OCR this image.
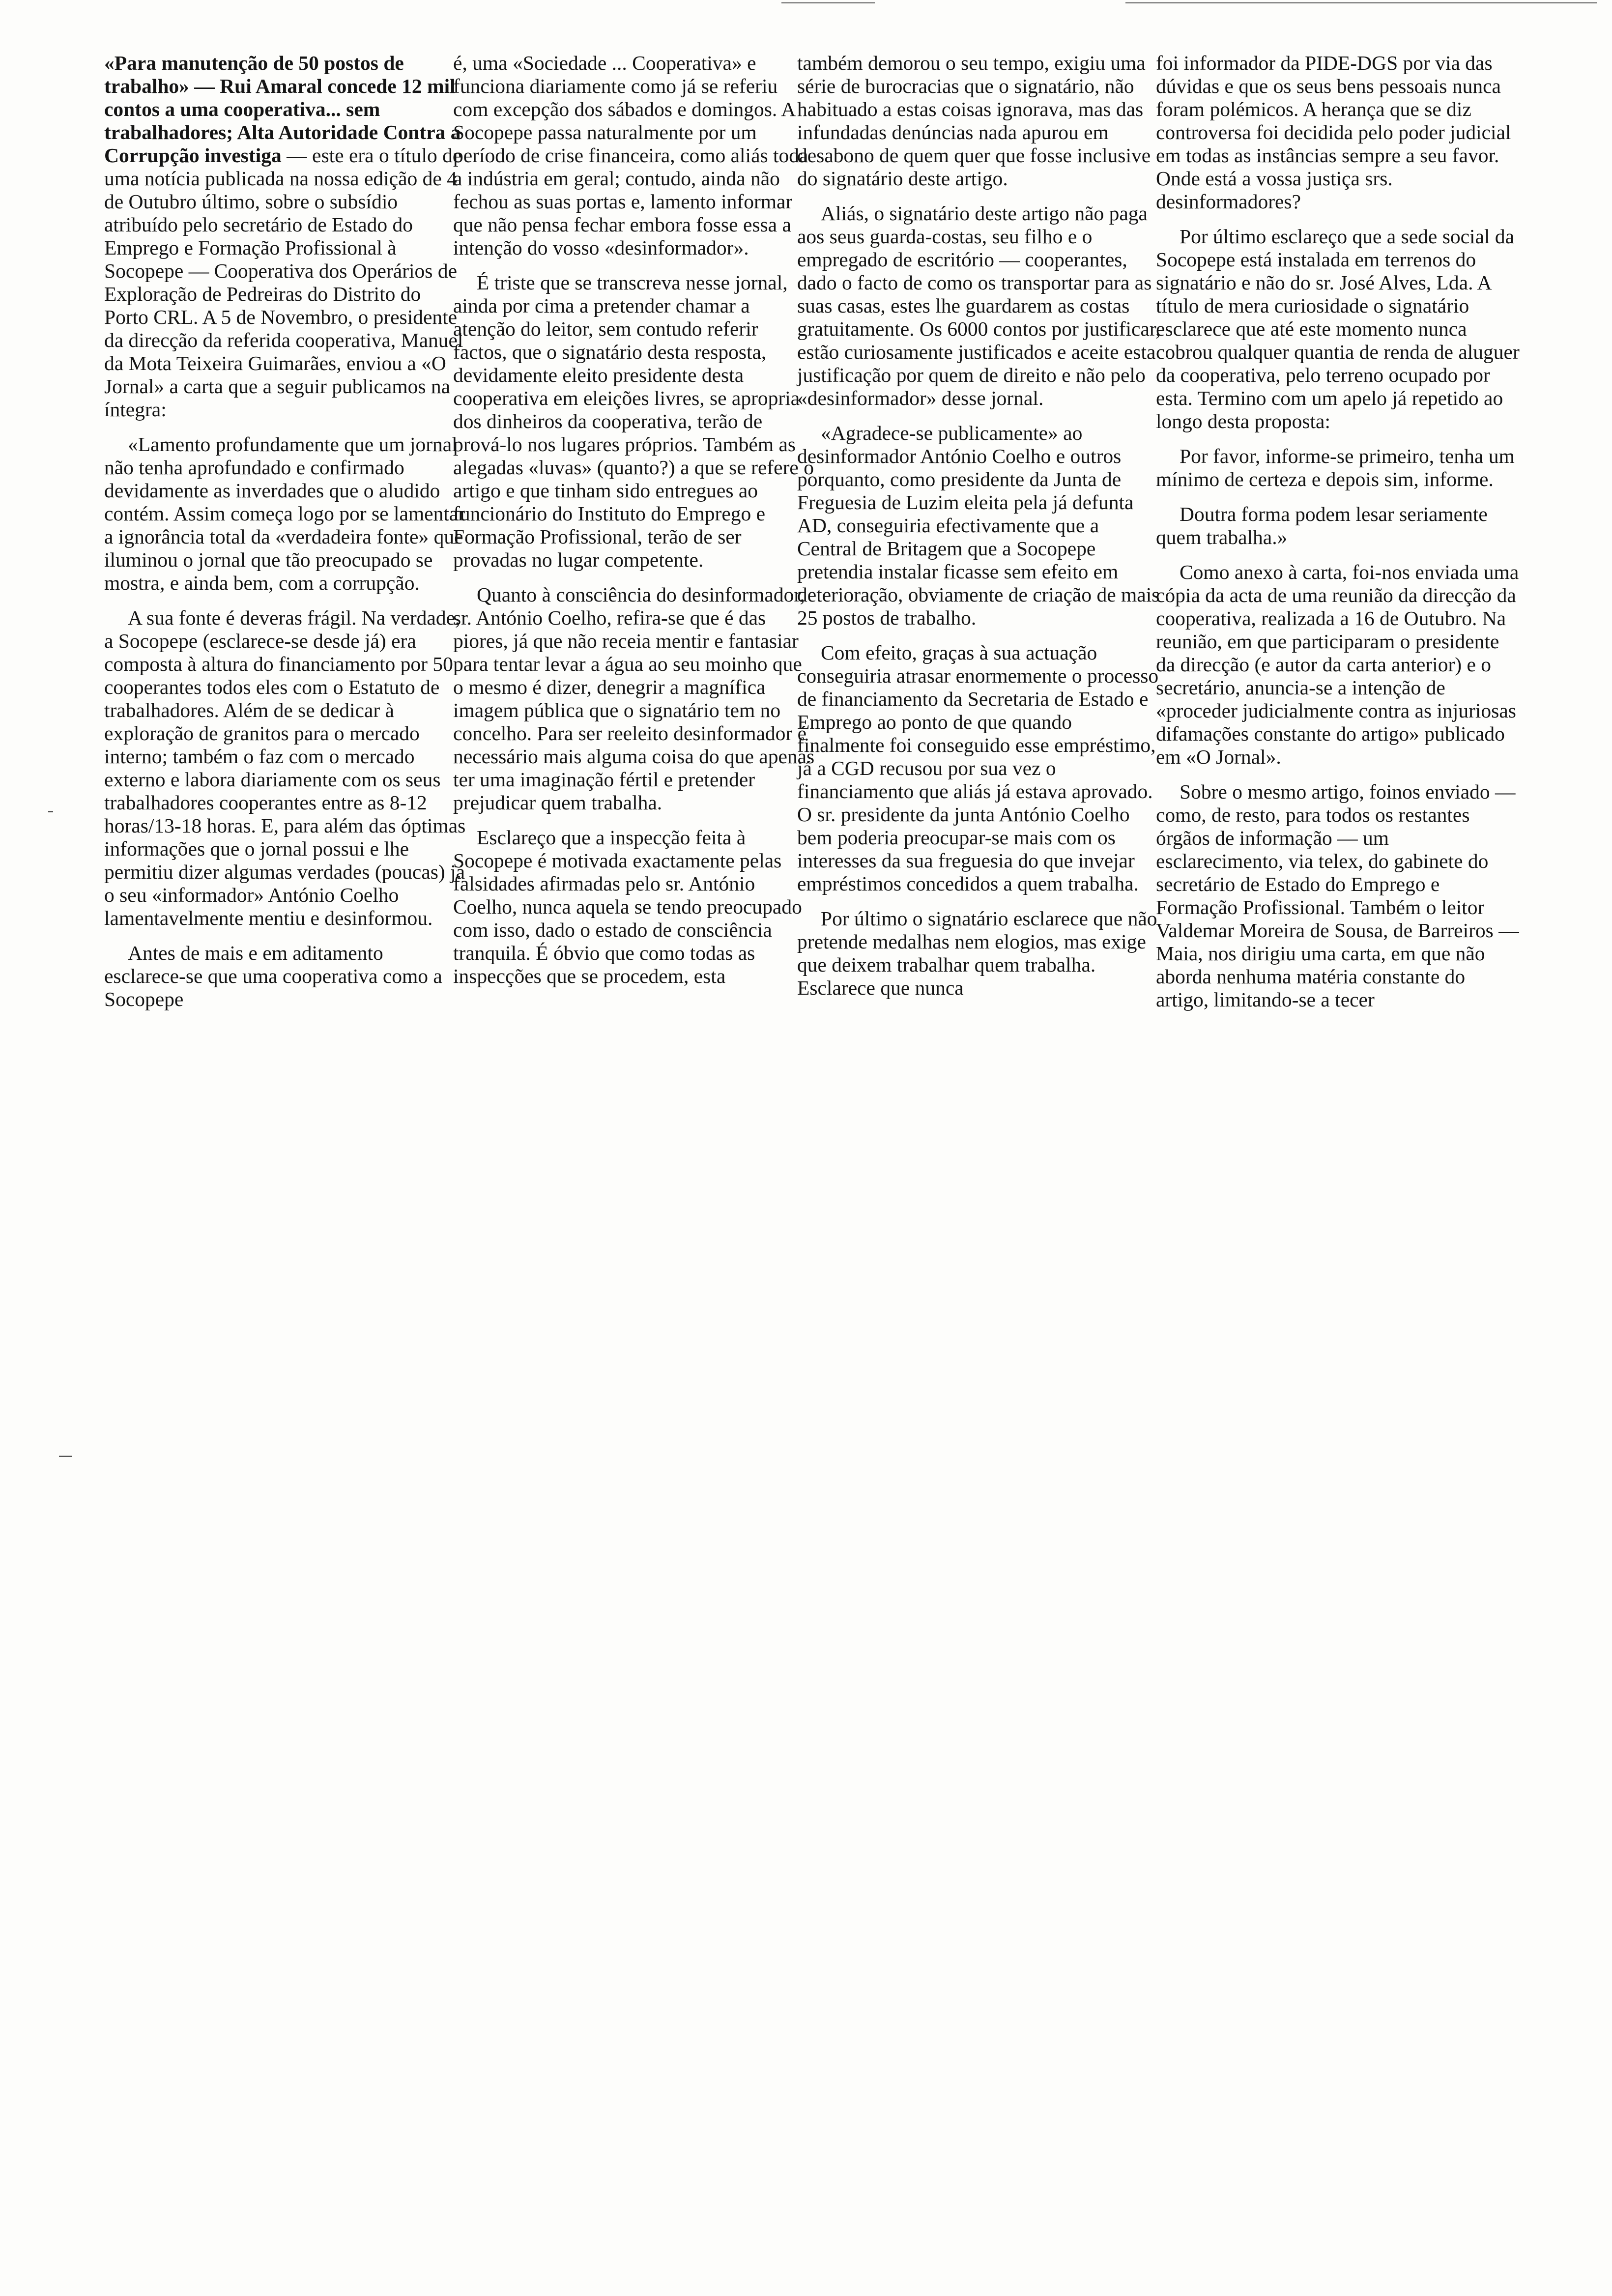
«Para manutenção de 50 postos de trabalho» — Rui Amaral concede 12 mil contos a uma cooperativa... sem trabalhadores; Alta Autoridade Contra a Corrupção investiga — este era o título de uma notícia publicada na nossa edição de 4 de Outubro último, sobre o subsídio atribuído pelo secretário de Estado do Emprego e Formação Profissional à Socopepe — Cooperativa dos Operários de Exploração de Pedreiras do Distrito do Porto CRL. A 5 de Novembro, o presidente da direcção da referida cooperativa, Manuel da Mota Teixeira Guimarães, enviou a «O Jornal» a carta que a seguir publicamos na íntegra:

«Lamento profundamente que um jornal não tenha aprofundado e confirmado devidamente as inverdades que o aludido contém. Assim começa logo por se lamentar a ignorância total da «verdadeira fonte» que iluminou o jornal que tão preocupado se mostra, e ainda bem, com a corrupção.

A sua fonte é deveras frágil. Na verdade, a Socopepe (esclarece-se desde já) era composta à altura do financiamento por 50 cooperantes todos eles com o Estatuto de trabalhadores. Além de se dedicar à exploração de granitos para o mercado interno; também o faz com o mercado externo e labora diariamente com os seus trabalhadores cooperantes entre as 8-12 horas/13-18 horas. E, para além das óptimas informações que o jornal possui e lhe permitiu dizer algumas verdades (poucas) já o seu «informador» António Coelho lamentavelmente mentiu e desinformou.

Antes de mais e em aditamento esclarece-se que uma cooperativa como a Socopepe

é, uma «Sociedade ... Cooperativa» e funciona diariamente como já se referiu com excepção dos sábados e domingos. A Socopepe passa naturalmente por um período de crise financeira, como aliás toda a indústria em geral; contudo, ainda não fechou as suas portas e, lamento informar que não pensa fechar embora fosse essa a intenção do vosso «desinformador».

É triste que se transcreva nesse jornal, ainda por cima a pretender chamar a atenção do leitor, sem contudo referir factos, que o signatário desta resposta, devidamente eleito presidente desta cooperativa em eleições livres, se apropria dos dinheiros da cooperativa, terão de prová-lo nos lugares próprios. Também as alegadas «luvas» (quanto?) a que se refere o artigo e que tinham sido entregues ao funcionário do Instituto do Emprego e Formação Profissional, terão de ser provadas no lugar competente.

Quanto à consciência do desinformador, sr. António Coelho, refira-se que é das piores, já que não receia mentir e fantasiar para tentar levar a água ao seu moinho que o mesmo é dizer, denegrir a magnífica imagem pública que o signatário tem no concelho. Para ser reeleito desinformador é necessário mais alguma coisa do que apenas ter uma imaginação fértil e pretender prejudicar quem trabalha.

Esclareço que a inspecção feita à Socopepe é motivada exactamente pelas falsidades afirmadas pelo sr. António Coelho, nunca aquela se tendo preocupado com isso, dado o estado de consciência tranquila. É óbvio que como todas as inspecções que se procedem, esta

também demorou o seu tempo, exigiu uma série de burocracias que o signatário, não habituado a estas coisas ignorava, mas das infundadas denúncias nada apurou em desabono de quem quer que fosse inclusive do signatário deste artigo.

Aliás, o signatário deste artigo não paga aos seus guarda-costas, seu filho e o empregado de escritório — cooperantes, dado o facto de como os transportar para as suas casas, estes lhe guardarem as costas gratuitamente. Os 6000 contos por justificar, estão curiosamente justificados e aceite esta justificação por quem de direito e não pelo «desinformador» desse jornal.

«Agradece-se publicamente» ao desinformador António Coelho e outros porquanto, como presidente da Junta de Freguesia de Luzim eleita pela já defunta AD, conseguiria efectivamente que a Central de Britagem que a Socopepe pretendia instalar ficasse sem efeito em deterioração, obviamente de criação de mais 25 postos de trabalho.

Com efeito, graças à sua actuação conseguiria atrasar enormemente o processo de financiamento da Secretaria de Estado e Emprego ao ponto de que quando finalmente foi conseguido esse empréstimo, já a CGD recusou por sua vez o financiamento que aliás já estava aprovado. O sr. presidente da junta António Coelho bem poderia preocupar-se mais com os interesses da sua freguesia do que invejar empréstimos concedidos a quem trabalha.

Por último o signatário esclarece que não pretende medalhas nem elogios, mas exige que deixem trabalhar quem trabalha. Esclarece que nunca

foi informador da PIDE-DGS por via das dúvidas e que os seus bens pessoais nunca foram polémicos. A herança que se diz controversa foi decidida pelo poder judicial em todas as instâncias sempre a seu favor. Onde está a vossa justiça srs. desinformadores?

Por último esclareço que a sede social da Socopepe está instalada em terrenos do signatário e não do sr. José Alves, Lda. A título de mera curiosidade o signatário esclarece que até este momento nunca cobrou qualquer quantia de renda de aluguer da cooperativa, pelo terreno ocupado por esta. Termino com um apelo já repetido ao longo desta proposta:

Por favor, informe-se primeiro, tenha um mínimo de certeza e depois sim, informe.

Doutra forma podem lesar seriamente quem trabalha.»

Como anexo à carta, foi-nos enviada uma cópia da acta de uma reunião da direcção da cooperativa, realizada a 16 de Outubro. Na reunião, em que participaram o presidente da direcção (e autor da carta anterior) e o secretário, anuncia-se a intenção de «proceder judicialmente contra as injuriosas difamações constante do artigo» publicado em «O Jornal».

Sobre o mesmo artigo, foinos enviado — como, de resto, para todos os restantes órgãos de informação — um esclarecimento, via telex, do gabinete do secretário de Estado do Emprego e Formação Profissional. Também o leitor Valdemar Moreira de Sousa, de Barreiros — Maia, nos dirigiu uma carta, em que não aborda nenhuma matéria constante do artigo, limitando-se a tecer
